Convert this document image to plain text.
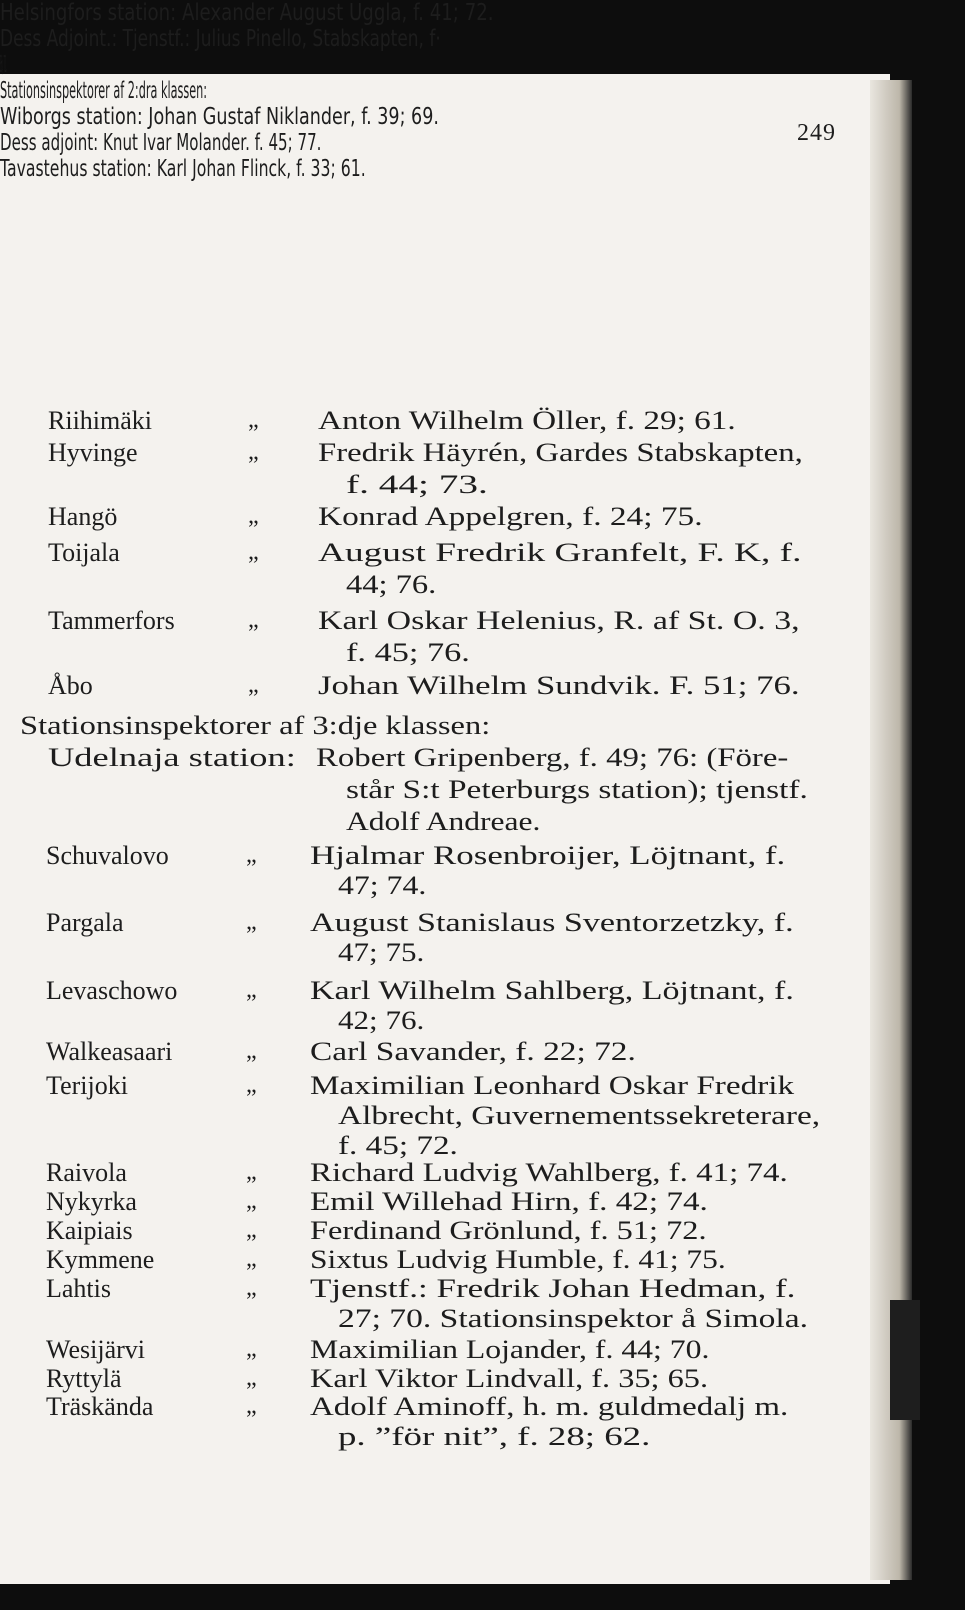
249
Helsingfors station: Alexander August Uggla, f. 41; 72.
Dess Adjoint.: Tjenstf.: Julius Pinello, Stabskapten, f·
36; 72.
Stationsinspektorer af 2:dra klassen:
Wiborgs station: Johan Gustaf Niklander, f. 39; 69.
Dess adjoint: Knut Ivar Molander. f. 45; 77.
Tavastehus station: Karl Johan Flinck, f. 33; 61.
Riihimäki	„ Anton Wilhelm Öller, f. 29; 61.
Hyvinge	„ Fredrik Häyrén, Gardes Stabskapten,
f. 44; 73.
Hangö	„ Konrad Appelgren, f. 24; 75.
Toijala	„ August Fredrik Granfelt, F. K, f.
44; 76.
Tammerfors	„ Karl Oskar Helenius, R. af St. O. 3,
f. 45; 76.
Åbo	„ Johan Wilhelm Sundvik. F. 51; 76.
Stationsinspektorer af 3:dje klassen:
Udelnaja station: Robert Gripenberg, f. 49; 76: (Före-
står S:t Peterburgs station); tjenstf.
Adolf Andreae.
Schuvalovo	„ Hjalmar Rosenbroijer, Löjtnant, f.
47; 74.
Pargala	„ August Stanislaus Sventorzetzky, f.
47; 75.
Levaschowo	„ Karl Wilhelm Sahlberg, Löjtnant, f.
42; 76.
Walkeasaari	„ Carl Savander, f. 22; 72.
Terijoki	„ Maximilian Leonhard Oskar Fredrik
Albrecht, Guvernementssekreterare,
f. 45; 72.
Raivola	„ Richard Ludvig Wahlberg, f. 41; 74.
Nykyrka	„ Emil Willehad Hirn, f. 42; 74.
Kaipiais	„ Ferdinand Grönlund, f. 51; 72.
Kymmene	„ Sixtus Ludvig Humble, f. 41; 75.
Lahtis	„ Tjenstf.: Fredrik Johan Hedman, f.
27; 70. Stationsinspektor å Simola.
Wesijärvi	„ Maximilian Lojander, f. 44; 70.
Ryttylä	„ Karl Viktor Lindvall, f. 35; 65.
Träskända	„ Adolf Aminoff, h. m. guldmedalj m.
p. ”för nit”, f. 28; 62.
